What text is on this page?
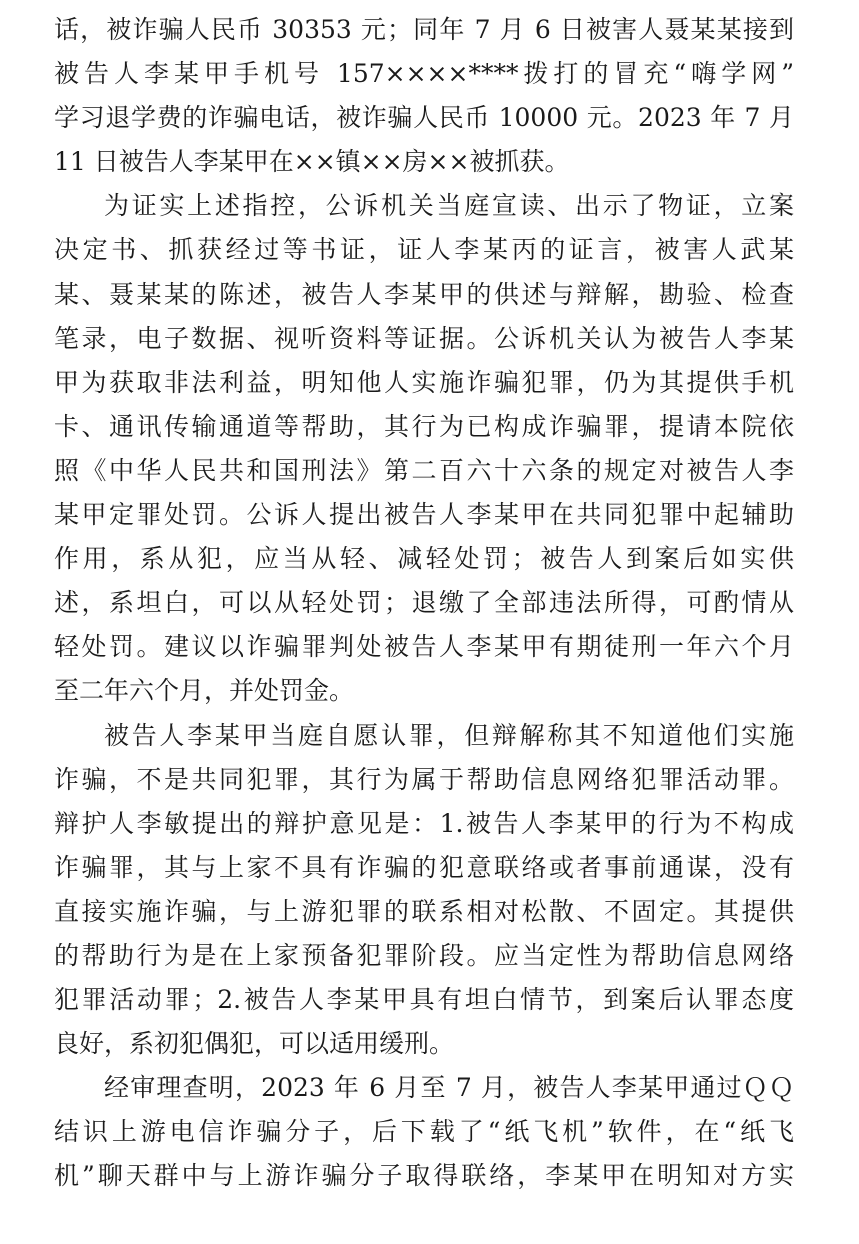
话，被诈骗人民币 30353 元；同年 7 月 6 日被害人聂某某接到
被告人李某甲手机号 157××××****拨打的冒充“嗨学网”
学习退学费的诈骗电话，被诈骗人民币 10000 元。2023 年 7 月
11 日被告人李某甲在××镇××房××被抓获。
为证实上述指控，公诉机关当庭宣读、出示了物证，立案
决定书、抓获经过等书证，证人李某丙的证言，被害人武某
某、聂某某的陈述，被告人李某甲的供述与辩解，勘验、检查
笔录，电子数据、视听资料等证据。公诉机关认为被告人李某
甲为获取非法利益，明知他人实施诈骗犯罪，仍为其提供手机
卡、通讯传输通道等帮助，其行为已构成诈骗罪，提请本院依
照《中华人民共和国刑法》第二百六十六条的规定对被告人李
某甲定罪处罚。公诉人提出被告人李某甲在共同犯罪中起辅助
作用，系从犯，应当从轻、减轻处罚；被告人到案后如实供
述，系坦白，可以从轻处罚；退缴了全部违法所得，可酌情从
轻处罚。建议以诈骗罪判处被告人李某甲有期徒刑一年六个月
至二年六个月，并处罚金。
被告人李某甲当庭自愿认罪，但辩解称其不知道他们实施
诈骗，不是共同犯罪，其行为属于帮助信息网络犯罪活动罪。
辩护人李敏提出的辩护意见是：1.被告人李某甲的行为不构成
诈骗罪，其与上家不具有诈骗的犯意联络或者事前通谋，没有
直接实施诈骗，与上游犯罪的联系相对松散、不固定。其提供
的帮助行为是在上家预备犯罪阶段。应当定性为帮助信息网络
犯罪活动罪；2.被告人李某甲具有坦白情节，到案后认罪态度
良好，系初犯偶犯，可以适用缓刑。
经审理查明，2023 年 6 月至 7 月，被告人李某甲通过ＱＱ
结识上游电信诈骗分子，后下载了“纸飞机”软件，在“纸飞
机”聊天群中与上游诈骗分子取得联络，李某甲在明知对方实
